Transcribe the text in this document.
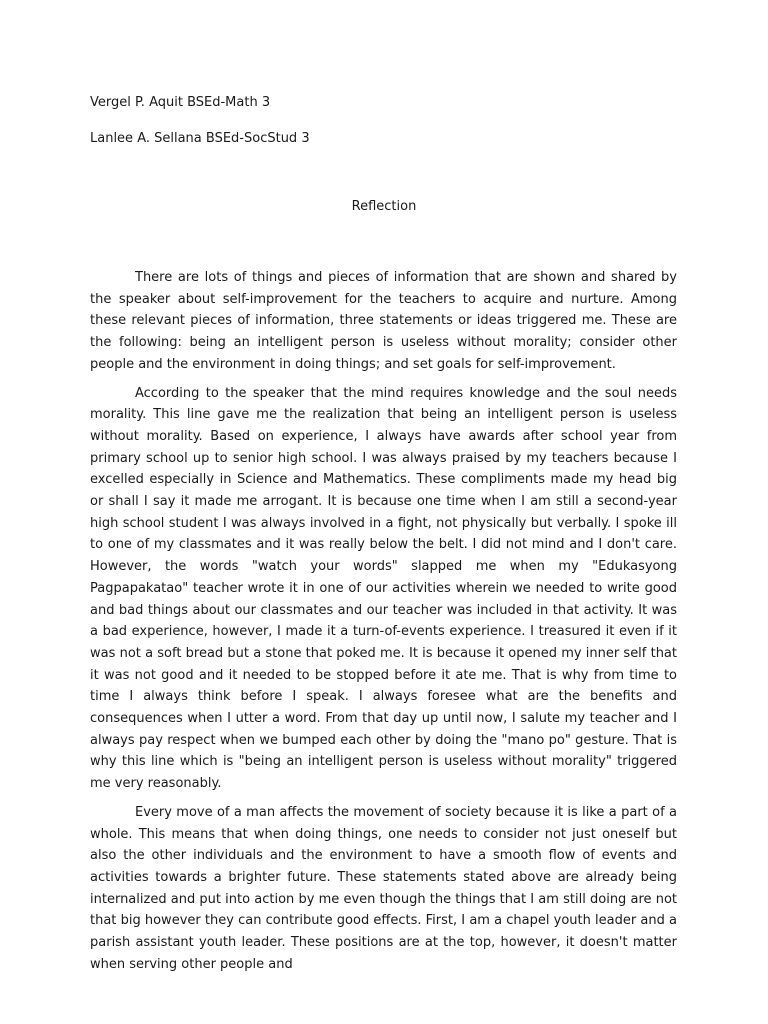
Vergel P. Aquit BSEd-Math 3

Lanlee A. Sellana BSEd-SocStud 3

Reflection

There are lots of things and pieces of information that are shown and shared by the speaker about self-improvement for the teachers to acquire and nurture. Among these relevant pieces of information, three statements or ideas triggered me. These are the following: being an intelligent person is useless without morality; consider other people and the environment in doing things; and set goals for self-improvement.

According to the speaker that the mind requires knowledge and the soul needs morality. This line gave me the realization that being an intelligent person is useless without morality. Based on experience, I always have awards after school year from primary school up to senior high school. I was always praised by my teachers because I excelled especially in Science and Mathematics. These compliments made my head big or shall I say it made me arrogant. It is because one time when I am still a second-year high school student I was always involved in a fight, not physically but verbally. I spoke ill to one of my classmates and it was really below the belt. I did not mind and I don't care. However, the words "watch your words" slapped me when my "Edukasyong Pagpapakatao" teacher wrote it in one of our activities wherein we needed to write good and bad things about our classmates and our teacher was included in that activity. It was a bad experience, however, I made it a turn-of-events experience. I treasured it even if it was not a soft bread but a stone that poked me. It is because it opened my inner self that it was not good and it needed to be stopped before it ate me. That is why from time to time I always think before I speak. I always foresee what are the benefits and consequences when I utter a word. From that day up until now, I salute my teacher and I always pay respect when we bumped each other by doing the "mano po" gesture. That is why this line which is "being an intelligent person is useless without morality" triggered me very reasonably.

Every move of a man affects the movement of society because it is like a part of a whole. This means that when doing things, one needs to consider not just oneself but also the other individuals and the environment to have a smooth flow of events and activities towards a brighter future. These statements stated above are already being internalized and put into action by me even though the things that I am still doing are not that big however they can contribute good effects. First, I am a chapel youth leader and a parish assistant youth leader. These positions are at the top, however, it doesn't matter when serving other people and
